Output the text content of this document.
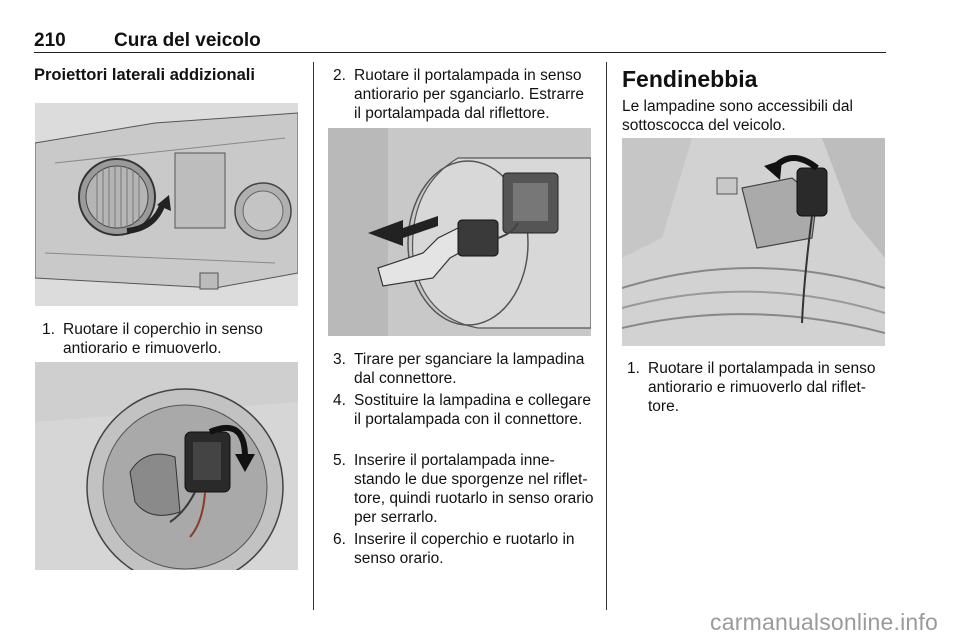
210	Cura del veicolo
Proiettori laterali addizionali
1. Ruotare il coperchio in senso antiorario e rimuoverlo.
2. Ruotare il portalampada in senso antiorario per sganciarlo. Estrarre il portalampada dal riflettore.
3. Tirare per sganciare la lampadina dal connettore.
4. Sostituire la lampadina e collegare il portalampada con il connettore.
5. Inserire il portalampada innestando le due sporgenze nel riflettore, quindi ruotarlo in senso orario per serrarlo.
6. Inserire il coperchio e ruotarlo in senso orario.
Fendinebbia
Le lampadine sono accessibili dal sottoscocca del veicolo.
1. Ruotare il portalampada in senso antiorario e rimuoverlo dal riflettore.
carmanualsonline.info
